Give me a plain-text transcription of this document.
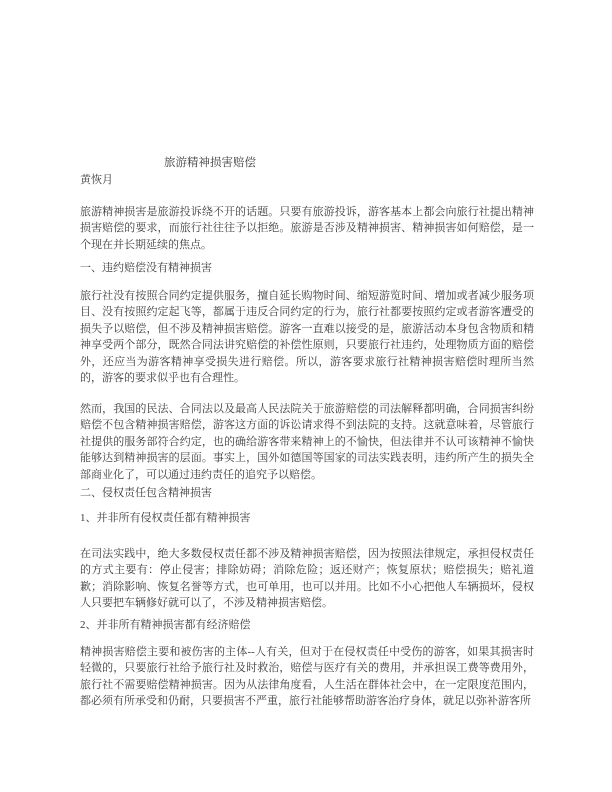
旅游精神损害赔偿
黄恢月
旅游精神损害是旅游投诉绕不开的话题。只要有旅游投诉，游客基本上都会向旅行社提出精神损害赔偿的要求，而旅行社往往予以拒绝。旅游是否涉及精神损害、精神损害如何赔偿，是一个现在并长期延续的焦点。
一、违约赔偿没有精神损害
旅行社没有按照合同约定提供服务，擅自延长购物时间、缩短游览时间、增加或者减少服务项目、没有按照约定起飞等，都属于违反合同约定的行为，旅行社都要按照约定或者游客遭受的损失予以赔偿，但不涉及精神损害赔偿。游客一直难以接受的是，旅游活动本身包含物质和精神享受两个部分，既然合同法讲究赔偿的补偿性原则，只要旅行社违约，处理物质方面的赔偿外，还应当为游客精神享受损失进行赔偿。所以，游客要求旅行社精神损害赔偿时理所当然的，游客的要求似乎也有合理性。
然而，我国的民法、合同法以及最高人民法院关于旅游赔偿的司法解释都明确，合同损害纠纷赔偿不包含精神损害赔偿，游客这方面的诉讼请求得不到法院的支持。这就意味着，尽管旅行社提供的服务部符合约定，也的确给游客带来精神上的不愉快，但法律并不认可该精神不愉快能够达到精神损害的层面。事实上，国外如德国等国家的司法实践表明，违约所产生的损失全部商业化了，可以通过违约责任的追究予以赔偿。
二、侵权责任包含精神损害
1、并非所有侵权责任都有精神损害
在司法实践中，绝大多数侵权责任都不涉及精神损害赔偿，因为按照法律规定，承担侵权责任的方式主要有：停止侵害；排除妨碍；消除危险；返还财产；恢复原状；赔偿损失；赔礼道歉；消除影响、恢复名誉等方式，也可单用，也可以并用。比如不小心把他人车辆损坏，侵权人只要把车辆修好就可以了，不涉及精神损害赔偿。
2、并非所有精神损害都有经济赔偿
精神损害赔偿主要和被伤害的主体--人有关，但对于在侵权责任中受伤的游客，如果其损害时轻微的，只要旅行社给予旅行社及时救治，赔偿与医疗有关的费用，并承担误工费等费用外，旅行社不需要赔偿精神损害。因为从法律角度看，人生活在群体社会中，在一定限度范围内，都必须有所承受和仍耐，只要损害不严重，旅行社能够帮助游客治疗身体，就足以弥补游客所
